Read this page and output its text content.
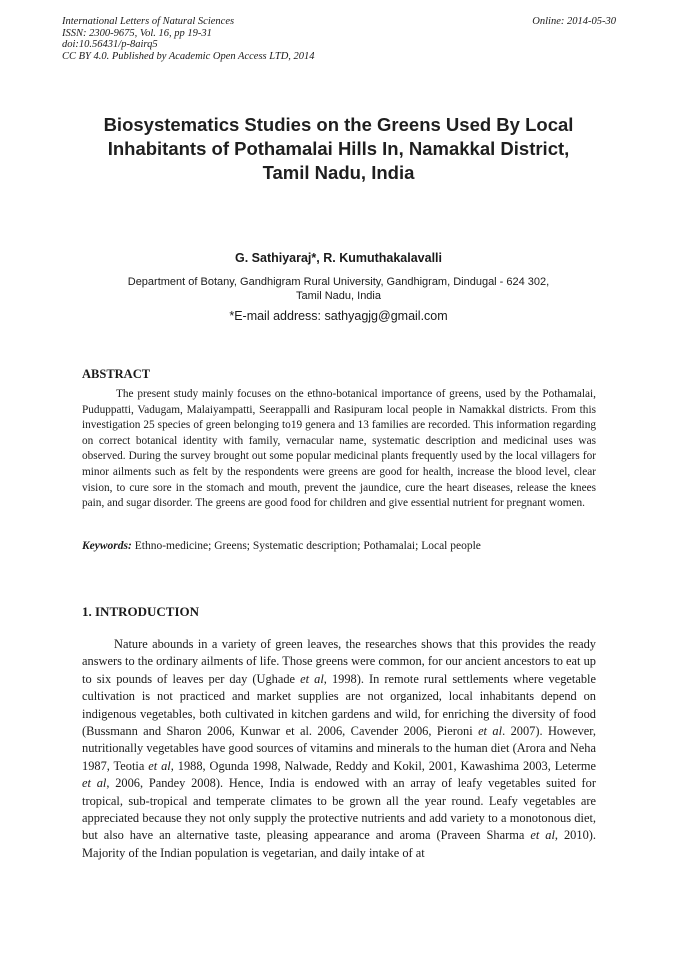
International Letters of Natural Sciences
ISSN: 2300-9675, Vol. 16, pp 19-31
doi:10.56431/p-8airq5
CC BY 4.0. Published by Academic Open Access LTD, 2014
Online: 2014-05-30
Biosystematics Studies on the Greens Used By Local Inhabitants of Pothamalai Hills In, Namakkal District, Tamil Nadu, India
G. Sathiyaraj*, R. Kumuthakalavalli
Department of Botany, Gandhigram Rural University, Gandhigram, Dindugal - 624 302,
Tamil Nadu, India
*E-mail address: sathyagjg@gmail.com
ABSTRACT
The present study mainly focuses on the ethno-botanical importance of greens, used by the Pothamalai, Puduppatti, Vadugam, Malaiyampatti, Seerappalli and Rasipuram local people in Namakkal districts. From this investigation 25 species of green belonging to19 genera and 13 families are recorded. This information regarding on correct botanical identity with family, vernacular name, systematic description and medicinal uses was observed. During the survey brought out some popular medicinal plants frequently used by the local villagers for minor ailments such as felt by the respondents were greens are good for health, increase the blood level, clear vision, to cure sore in the stomach and mouth, prevent the jaundice, cure the heart diseases, release the knees pain, and sugar disorder. The greens are good food for children and give essential nutrient for pregnant women.
Keywords: Ethno-medicine; Greens; Systematic description; Pothamalai; Local people
1. INTRODUCTION
Nature abounds in a variety of green leaves, the researches shows that this provides the ready answers to the ordinary ailments of life. Those greens were common, for our ancient ancestors to eat up to six pounds of leaves per day (Ughade et al, 1998). In remote rural settlements where vegetable cultivation is not practiced and market supplies are not organized, local inhabitants depend on indigenous vegetables, both cultivated in kitchen gardens and wild, for enriching the diversity of food (Bussmann and Sharon 2006, Kunwar et al. 2006, Cavender 2006, Pieroni et al. 2007). However, nutritionally vegetables have good sources of vitamins and minerals to the human diet (Arora and Neha 1987, Teotia et al, 1988, Ogunda 1998, Nalwade, Reddy and Kokil, 2001, Kawashima 2003, Leterme et al, 2006, Pandey 2008). Hence, India is endowed with an array of leafy vegetables suited for tropical, sub-tropical and temperate climates to be grown all the year round. Leafy vegetables are appreciated because they not only supply the protective nutrients and add variety to a monotonous diet, but also have an alternative taste, pleasing appearance and aroma (Praveen Sharma et al, 2010). Majority of the Indian population is vegetarian, and daily intake of at
